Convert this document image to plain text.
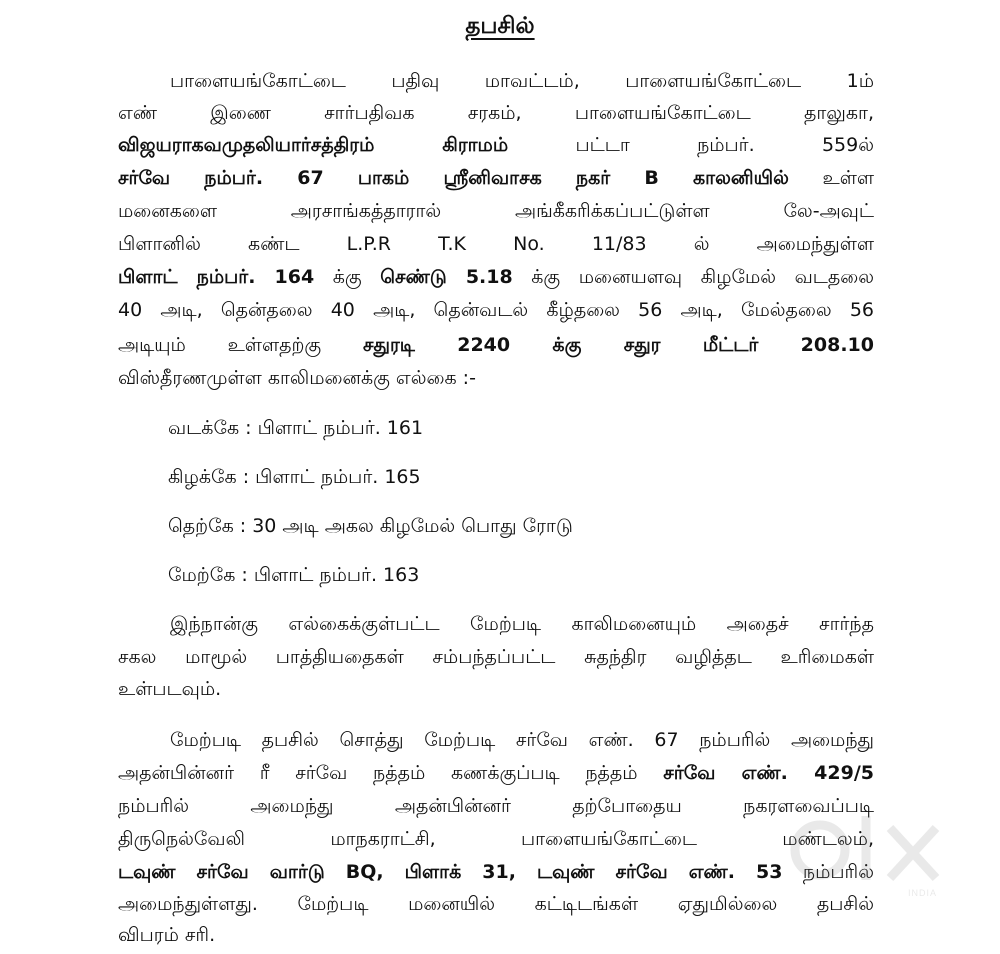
தபசில்
பாளையங்கோட்டை பதிவு மாவட்டம், பாளையங்கோட்டை 1ம்
எண் இணை சார்பதிவக சரகம், பாளையங்கோட்டை தாலுகா,
விஜயராகவமுதலியார்சத்திரம் கிராமம்	பட்டா நம்பர். 559ல்
சர்வே நம்பர். 67 பாகம் ஸ்ரீனிவாசக நகர் B காலனியில் உள்ள
மனைகளை அரசாங்கத்தாரால் அங்கீகரிக்கப்பட்டுள்ள லே-அவுட்
பிளானில் கண்ட L.P.R T.K No. 11/83 ல் அமைந்துள்ள
பிளாட் நம்பர். 164 க்கு செண்டு 5.18 க்கு மனையளவு கிழமேல் வடதலை
40 அடி, தென்தலை 40 அடி, தென்வடல் கீழ்தலை 56 அடி, மேல்தலை 56
அடியும் உள்ளதற்கு சதுரடி 2240 க்கு சதுர மீட்டர் 208.10
விஸ்தீரணமுள்ள காலிமனைக்கு எல்கை :-
வடக்கே : பிளாட் நம்பர். 161
கிழக்கே : பிளாட் நம்பர். 165
தெற்கே : 30 அடி அகல கிழமேல் பொது ரோடு
மேற்கே : பிளாட் நம்பர். 163
இந்நான்கு எல்கைக்குள்பட்ட மேற்படி காலிமனையும் அதைச் சார்ந்த
சகல மாமூல் பாத்தியதைகள் சம்பந்தப்பட்ட சுதந்திர வழித்தட உரிமைகள்
உள்படவும்.
மேற்படி தபசில் சொத்து மேற்படி சர்வே எண். 67 நம்பரில் அமைந்து
அதன்பின்னர் ரீ சர்வே நத்தம் கணக்குப்படி நத்தம் சர்வே எண். 429/5
நம்பரில் அமைந்து அதன்பின்னர் தற்போதைய நகரளவைப்படி
திருநெல்வேலி மாநகராட்சி, பாளையங்கோட்டை மண்டலம்,
டவுண் சர்வே வார்டு BQ, பிளாக் 31, டவுண் சர்வே எண். 53 நம்பரில்
அமைந்துள்ளது. மேற்படி மனையில் கட்டிடங்கள் ஏதுமில்லை தபசில்
விபரம் சரி.
INDIA
